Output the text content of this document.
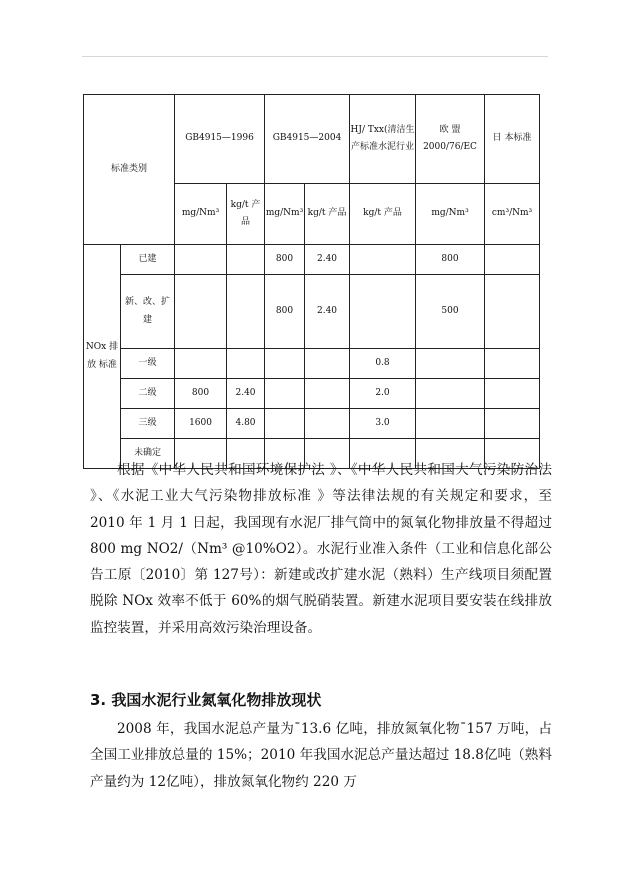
标准类别		GB4915—1996		GB4915—2004		HJ/ Txx(清洁生产标准水泥行业	欧 盟 2000/76/EC	日 本标准
		mg/Nm³	kg/t 产品	mg/Nm³	kg/t 产品	kg/t 产品	mg/Nm³	cm³/Nm³
NOx 排 放 标准	已建			800	2.40		800	
	新、改、扩建			800	2.40		500	
	一级					0.8		
	二级	800	2.40			2.0		
	三级	1600	4.80			3.0		
	未确定							

根据《中华人民共和国环境保护法 》、《中华人民共和国大气污染防治法 》、《水泥工业大气污染物排放标准 》等法律法规的有关规定和要求，至 2010 年 1 月 1 日起，我国现有水泥厂排气筒中的氮氧化物排放量不得超过 800 mg NO2/（Nm³ @10%O2）。水泥行业准入条件（工业和信息化部公告工原〔2010〕第 127号）：新建或改扩建水泥（熟料）生产线项目须配置脱除 NOx 效率不低于 60%的烟气脱硝装置。新建水泥项目要安装在线排放监控装置，并采用高效污染治理设备。

3. 我国水泥行业氮氧化物排放现状

2008 年，我国水泥总产量为¯13.6 亿吨，排放氮氧化物¯157 万吨，占全国工业排放总量的 15%；2010 年我国水泥总产量达超过 18.8亿吨（熟料产量约为 12亿吨），排放氮氧化物约 220 万
